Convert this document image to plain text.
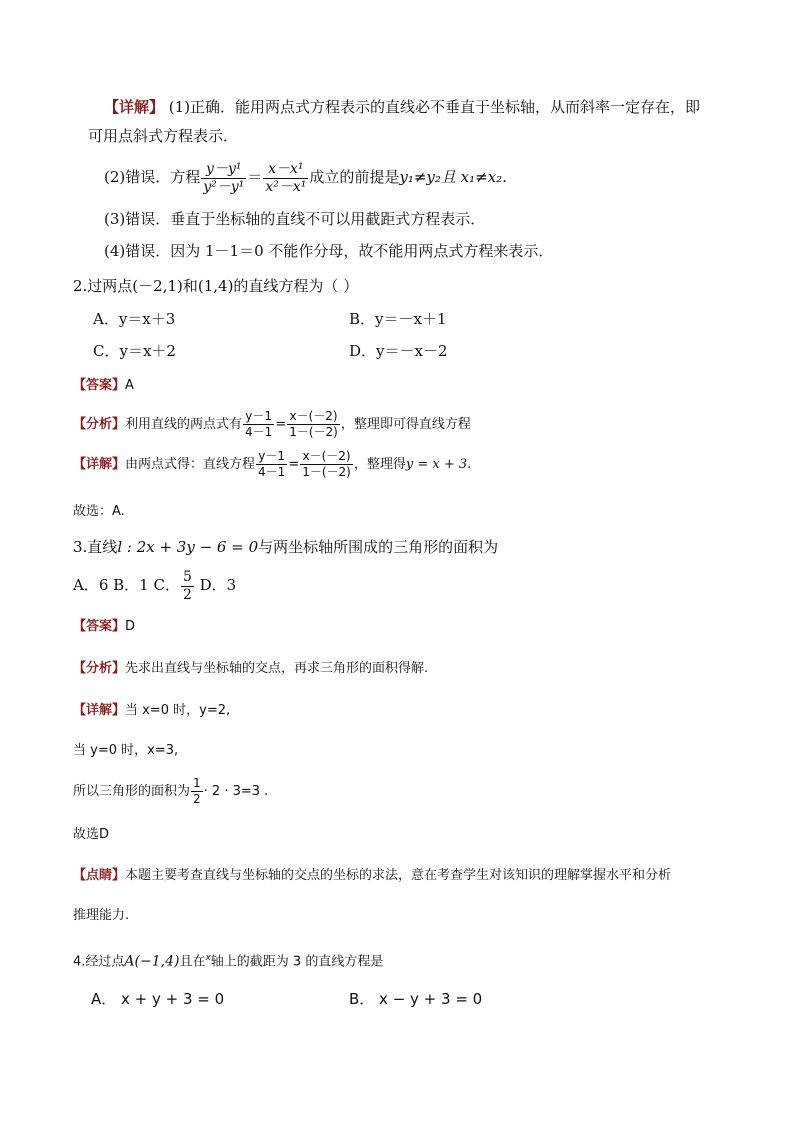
【详解】 (1)正确．能用两点式方程表示的直线必不垂直于坐标轴，从而斜率一定存在，即
可用点斜式方程表示．
(2)错误．方程 $\frac{\text{y－y¹}}{\text{y²－y¹}} = \frac{\text{x－x¹}}{\text{x²－x¹}}$ 成立的前提是y₁≠y₂且 x₁≠x₂.
(3)错误．垂直于坐标轴的直线不可以用截距式方程表示．
(4)错误．因为 1－1＝0 不能作分母，故不能用两点式方程来表示．
2.过两点(－2,1)和(1,4)的直线方程为（ ）
A．y＝x＋3	B．y＝－x＋1
C．y＝x＋2	D．y＝－x－2
【答案】A
【分析】利用直线的两点式有 $\frac{y-1}{4-1} = \frac{x-(-2)}{1-(-2)}$ ，整理即可得直线方程
【详解】由两点式得：直线方程 $\frac{y-1}{4-1} = \frac{x-(-2)}{1-(-2)}$ ，整理得y = x + 3.
故选：A.
3.直线l : 2x + 3y − 6 = 0与两坐标轴所围成的三角形的面积为
A．6 B．1 C． $\frac{5}{2}$ D．3
【答案】D
【分析】先求出直线与坐标轴的交点，再求三角形的面积得解.
【详解】当 x=0 时，y=2,
当 y=0 时，x=3,
所以三角形的面积为 $\frac{1}{2} \cdot 2 \cdot 3=3$ .
故选D
【点睛】本题主要考查直线与坐标轴的交点的坐标的求法，意在考查学生对该知识的理解掌握水平和分析
推理能力.
4.经过点A(−1,4)且在$^x$轴上的截距为 3 的直线方程是
A． x + y + 3 = 0	B． x − y + 3 = 0
